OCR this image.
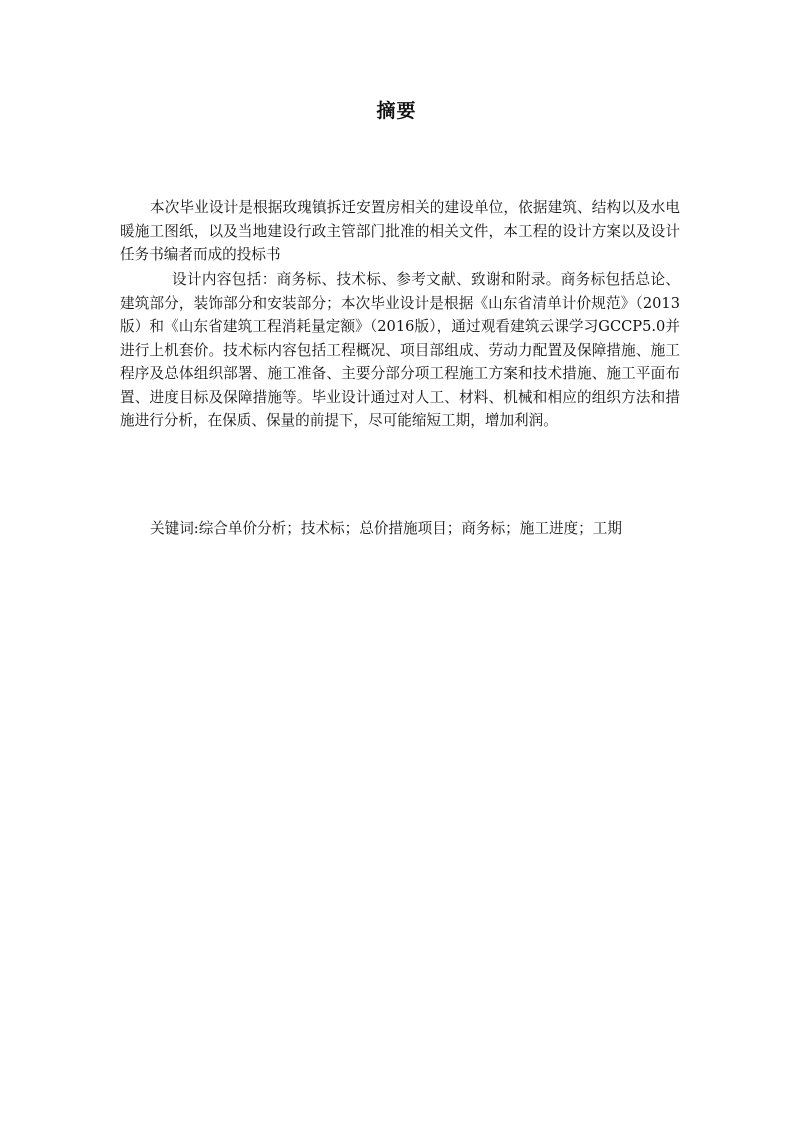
摘要

本次毕业设计是根据玫瑰镇拆迁安置房相关的建设单位，依据建筑、结构以及水电暖施工图纸，以及当地建设行政主管部门批准的相关文件，本工程的设计方案以及设计任务书编者而成的投标书

设计内容包括：商务标、技术标、参考文献、致谢和附录。商务标包括总论、建筑部分，装饰部分和安装部分；本次毕业设计是根据《山东省清单计价规范》（2013版）和《山东省建筑工程消耗量定额》（2016版），通过观看建筑云课学习GCCP5.0并进行上机套价。技术标内容包括工程概况、项目部组成、劳动力配置及保障措施、施工程序及总体组织部署、施工准备、主要分部分项工程施工方案和技术措施、施工平面布置、进度目标及保障措施等。毕业设计通过对人工、材料、机械和相应的组织方法和措施进行分析，在保质、保量的前提下，尽可能缩短工期，增加利润。

关键词:综合单价分析；技术标；总价措施项目；商务标；施工进度；工期
